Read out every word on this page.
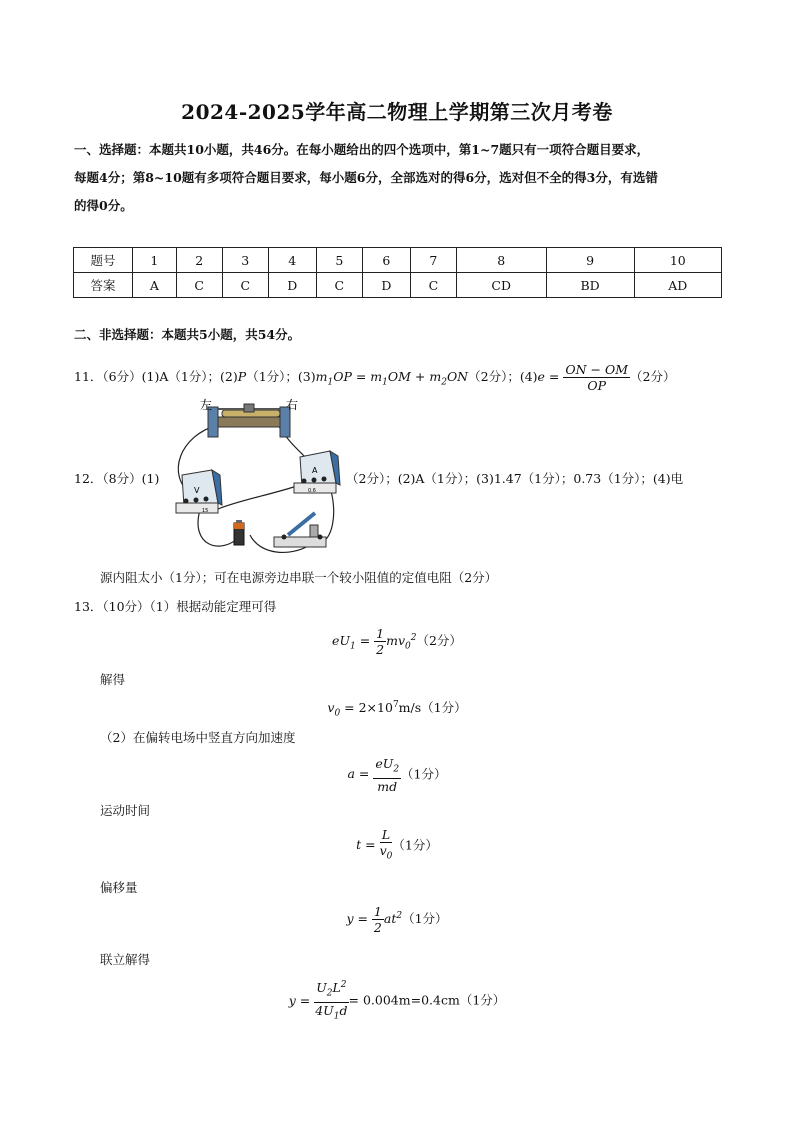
2024-2025学年高二物理上学期第三次月考卷
一、选择题：本题共10小题，共46分。在每小题给出的四个选项中，第1~7题只有一项符合题目要求，
每题4分；第8~10题有多项符合题目要求，每小题6分，全部选对的得6分，选对但不全的得3分，有选错
的得0分。
题号	1	2	3	4	5	6	7	8	9	10
答案	A	C	C	D	C	D	C	CD	BD	AD
二、非选择题：本题共5小题，共54分。
11．（6分）(1)A（1分）；(2)P（1分）；$(3)m_1OP = m_1OM + m_2ON(2$分）；$(4)e = \frac{ON - OM}{OP} (2$分）
左	右
V
15
A
0.6
12．（8分）(1)	（2分）；(2)A（1分）；(3)1.47（1分）；0.73（1分）；(4)电
源内阻太小（1分）；可在电源旁边串联一个较小阻值的定值电阻（2分）
13．（10分）（1）根据动能定理可得
$eU_1 = \frac{1}{2} mv_0^2(2$分）
解得
$v_0 = 2\times 10^7m/s(1$分）
（2）在偏转电场中竖直方向加速度
$a = \frac{eU_2}{md} (1$分）
运动时间
$t = \frac{L}{v_0} (1$分）
偏移量
$y = \frac{1}{2} at^2(1$分）
联立解得
$y = \frac{U_2L^2}{4U_1d} = 0.004m=0.4cm(1$分）
